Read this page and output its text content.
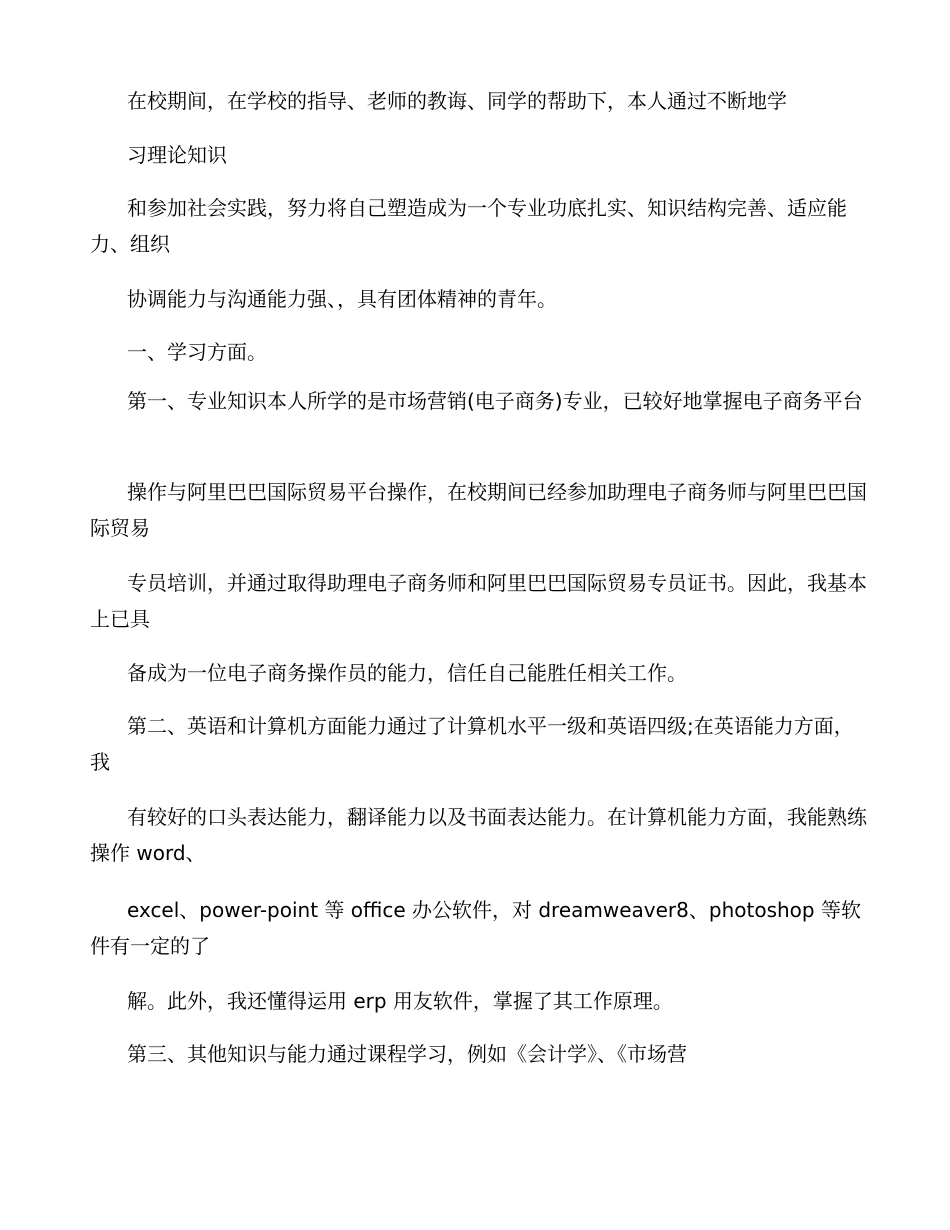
在校期间，在学校的指导、老师的教诲、同学的帮助下，本人通过不断地学

习理论知识

和参加社会实践，努力将自己塑造成为一个专业功底扎实、知识结构完善、适应能力、组织

协调能力与沟通能力强、，具有团体精神的青年。

一、学习方面。

第一、专业知识本人所学的是市场营销(电子商务)专业，已较好地掌握电子商务平台

操作与阿里巴巴国际贸易平台操作，在校期间已经参加助理电子商务师与阿里巴巴国际贸易

专员培训，并通过取得助理电子商务师和阿里巴巴国际贸易专员证书。因此，我基本上已具

备成为一位电子商务操作员的能力，信任自己能胜任相关工作。

第二、英语和计算机方面能力通过了计算机水平一级和英语四级;在英语能力方面，我

有较好的口头表达能力，翻译能力以及书面表达能力。在计算机能力方面，我能熟练操作 word、

excel、power-point 等 office 办公软件，对 dreamweaver8、photoshop 等软件有一定的了

解。此外，我还懂得运用 erp 用友软件，掌握了其工作原理。

第三、其他知识与能力通过课程学习，例如《会计学》、《市场营
